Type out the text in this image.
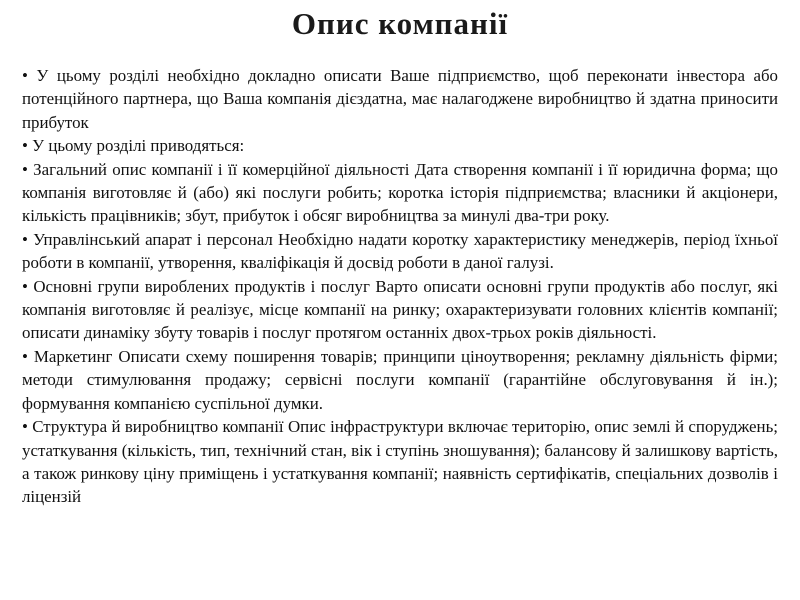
Опис компанії

• У цьому розділі необхідно докладно описати Ваше підприємство, щоб переконати інвестора або потенційного партнера, що Ваша компанія дієздатна, має налагоджене виробництво й здатна приносити прибуток

• У цьому розділі приводяться:

• Загальний опис компанії і її комерційної діяльності Дата створення компанії і її юридична форма; що компанія виготовляє й (або) які послуги робить; коротка історія підприємства; власники й акціонери, кількість працівників; збут, прибуток і обсяг виробництва за минулі два-три року.

• Управлінський апарат і персонал Необхідно надати коротку характеристику менеджерів, період їхньої роботи в компанії, утворення, кваліфікація й досвід роботи в даної галузі.

• Основні групи вироблених продуктів і послуг Варто описати основні групи продуктів або послуг, які компанія виготовляє й реалізує, місце компанії на ринку; охарактеризувати головних клієнтів компанії; описати динаміку збуту товарів і послуг протягом останніх двох-трьох років діяльності.

• Маркетинг Описати схему поширення товарів; принципи ціноутворення; рекламну діяльність фірми; методи стимулювання продажу; сервісні послуги компанії (гарантійне обслуговування й ін.); формування компанією суспільної думки.

• Структура й виробництво компанії Опис інфраструктури включає територію, опис землі й споруджень; устаткування (кількість, тип, технічний стан, вік і ступінь зношування); балансову й залишкову вартість, а також ринкову ціну приміщень і устаткування компанії; наявність сертифікатів, спеціальних дозволів і ліцензій
